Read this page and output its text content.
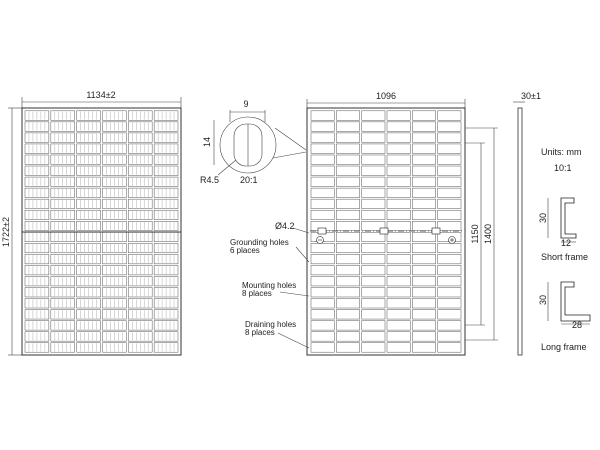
1134±2
1722±2
9
14
R4.5 20:1
1096
Ø4.2
Grounding holes
6 places
Mounting holes
8 places
Draining holes
8 places
1150 1400
30±1
Units: mm
10:1
30
12
Short frame
30
28
Long frame
